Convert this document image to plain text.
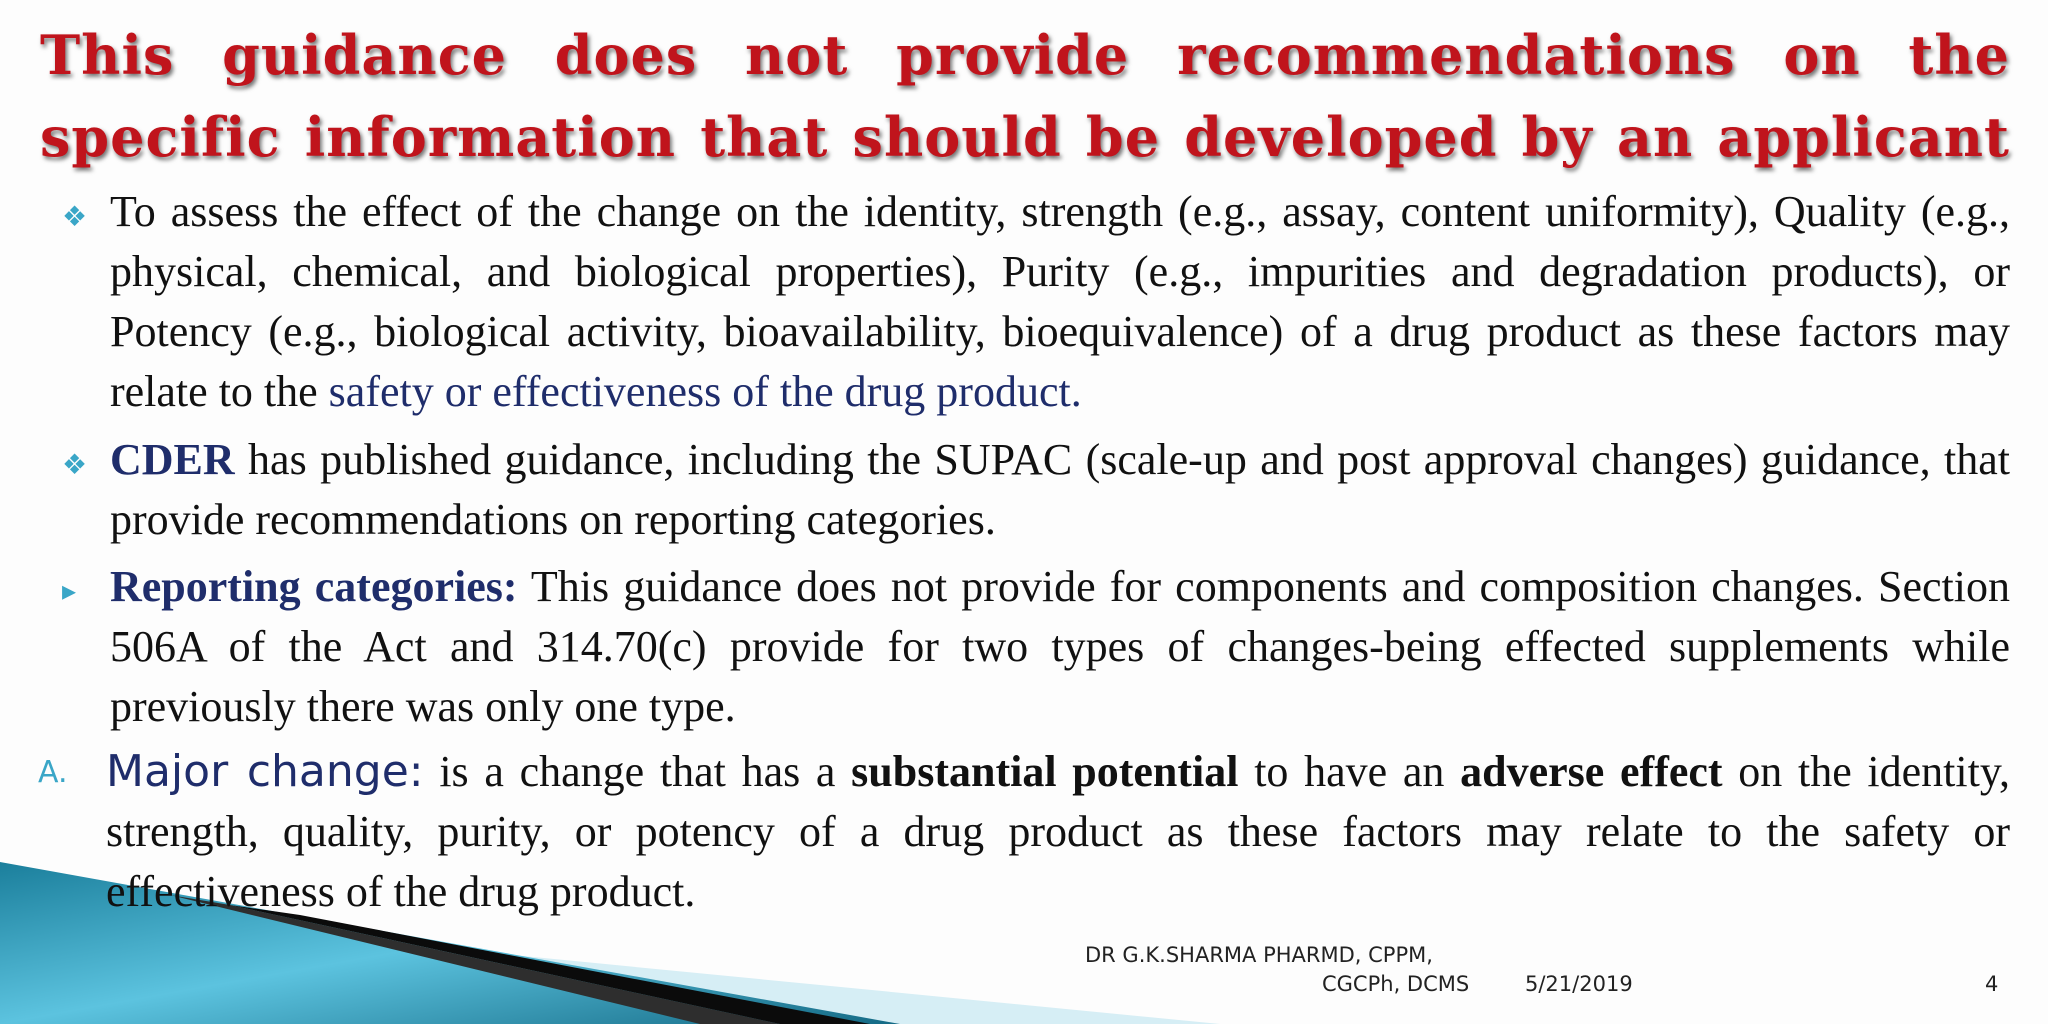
This guidance does not provide recommendations on the
specific information that should be developed by an applicant
❖ To assess the effect of the change on the identity, strength (e.g., assay, content uniformity), Quality (e.g., physical, chemical, and biological properties), Purity (e.g., impurities and degradation products), or Potency (e.g., biological activity, bioavailability, bioequivalence) of a drug product as these factors may relate to the safety or effectiveness of the drug product.

❖ CDER has published guidance, including the SUPAC (scale-up and post approval changes) guidance, that provide recommendations on reporting categories.

▸ Reporting categories: This guidance does not provide for components and composition changes. Section 506A of the Act and 314.70(c) provide for two types of changes-being effected supplements while previously there was only one type.

A. Major change: is a change that has a substantial potential to have an adverse effect on the identity, strength, quality, purity, or potency of a drug product as these factors may relate to the safety or effectiveness of the drug product.

DR G.K.SHARMA PHARMD, CPPM,
CGCPh, DCMS	5/21/2019	4
